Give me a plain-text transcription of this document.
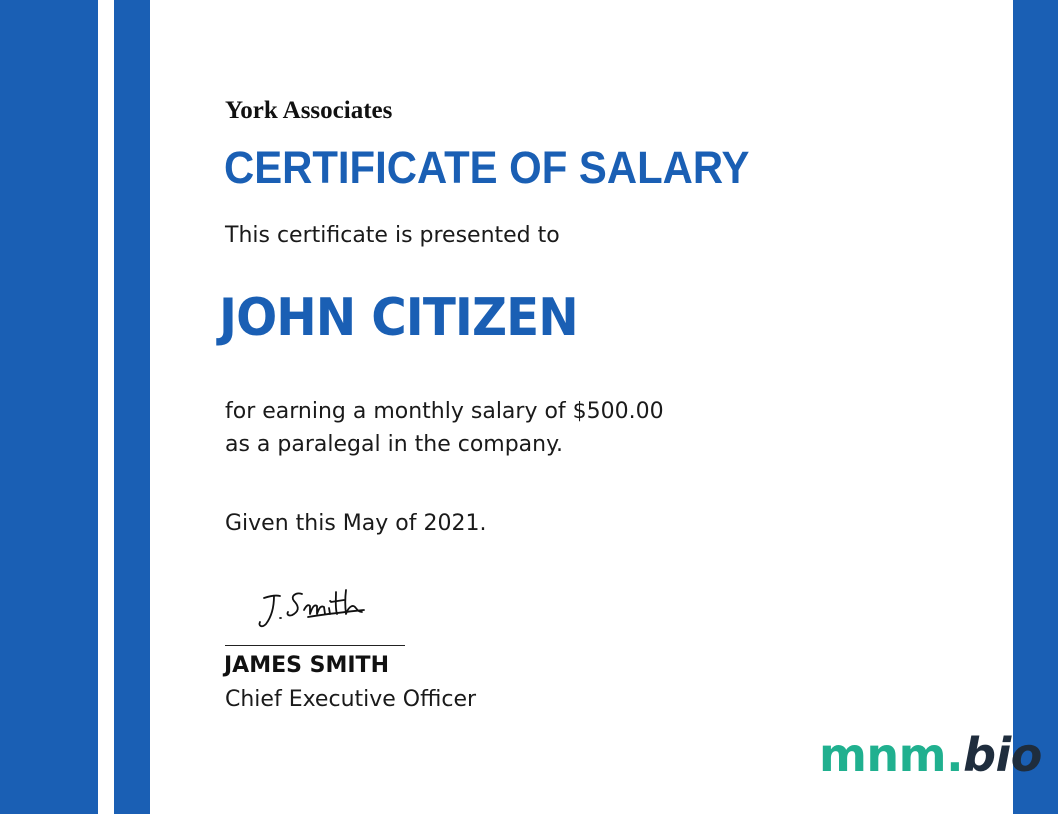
York Associates
CERTIFICATE OF SALARY
This certificate is presented to
JOHN CITIZEN
for earning a monthly salary of $500.00
as a paralegal in the company.
Given this May of 2021.
JAMES SMITH
Chief Executive Officer
mnm.bio
